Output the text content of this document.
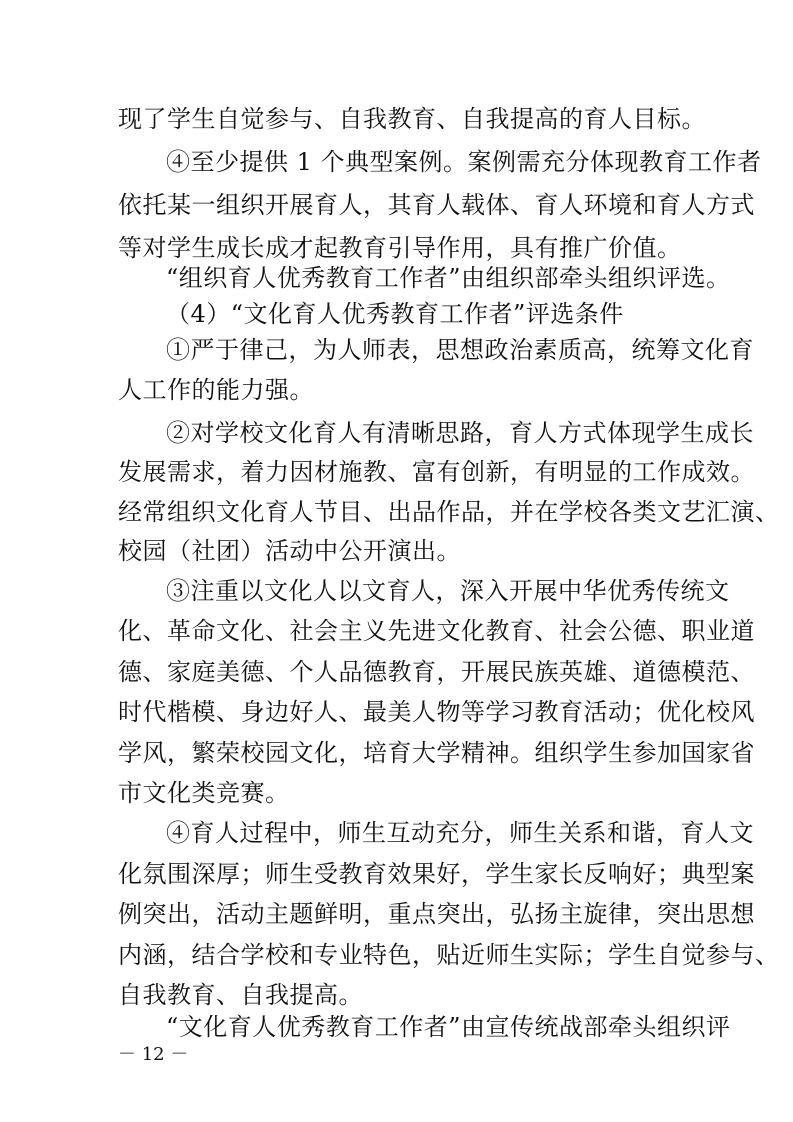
现了学生自觉参与、自我教育、自我提高的育人目标。
④至少提供 1 个典型案例。案例需充分体现教育工作者
依托某一组织开展育人，其育人载体、育人环境和育人方式
等对学生成长成才起教育引导作用，具有推广价值。
“组织育人优秀教育工作者”由组织部牵头组织评选。
（4）“文化育人优秀教育工作者”评选条件
①严于律己，为人师表，思想政治素质高，统筹文化育
人工作的能力强。
②对学校文化育人有清晰思路，育人方式体现学生成长
发展需求，着力因材施教、富有创新，有明显的工作成效。
经常组织文化育人节目、出品作品，并在学校各类文艺汇演、
校园（社团）活动中公开演出。
③注重以文化人以文育人，深入开展中华优秀传统文
化、革命文化、社会主义先进文化教育、社会公德、职业道
德、家庭美德、个人品德教育，开展民族英雄、道德模范、
时代楷模、身边好人、最美人物等学习教育活动；优化校风
学风，繁荣校园文化，培育大学精神。组织学生参加国家省
市文化类竞赛。
④育人过程中，师生互动充分，师生关系和谐，育人文
化氛围深厚；师生受教育效果好，学生家长反响好；典型案
例突出，活动主题鲜明，重点突出，弘扬主旋律，突出思想
内涵，结合学校和专业特色，贴近师生实际；学生自觉参与、
自我教育、自我提高。
“文化育人优秀教育工作者”由宣传统战部牵头组织评
－ 12 －
